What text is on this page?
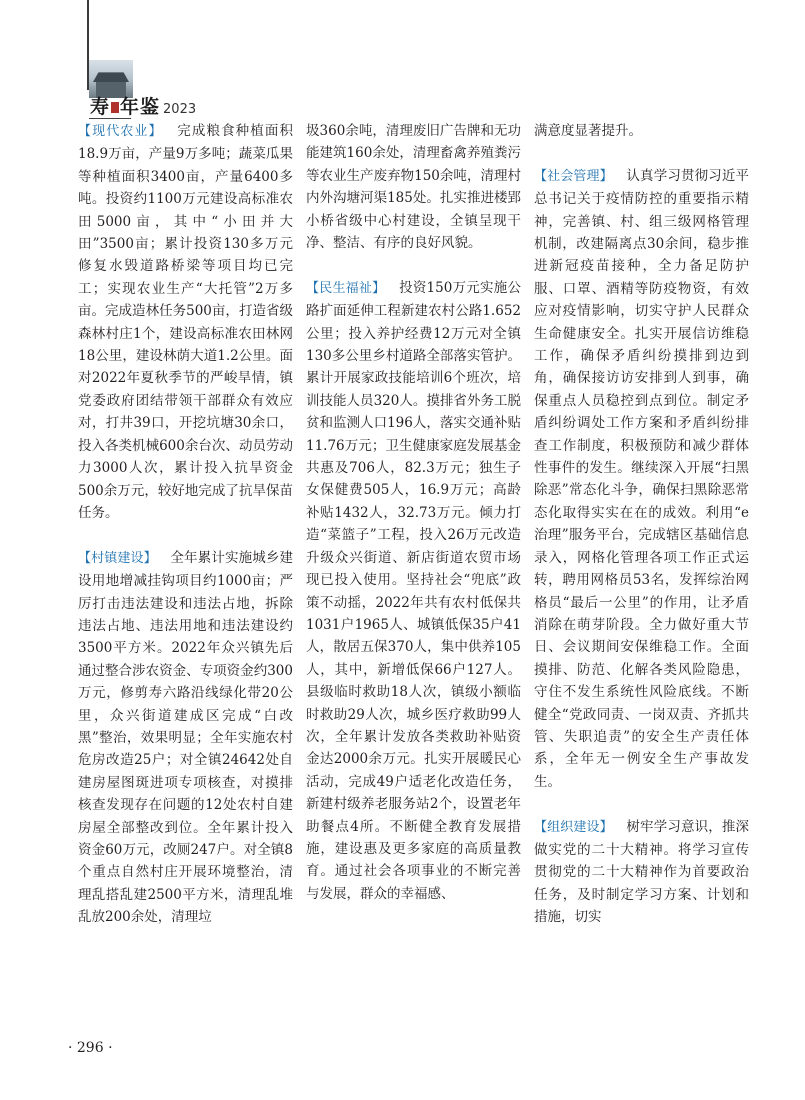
寿 年鉴 2023

【现代农业】  完成粮食种植面积18.9万亩，产量9万多吨；蔬菜瓜果等种植面积3400亩，产量6400多吨。投资约1100万元建设高标准农田5000亩，其中“小田并大田”3500亩；累计投资130多万元修复水毁道路桥梁等项目均已完工；实现农业生产“大托管”2万多亩。完成造林任务500亩，打造省级森林村庄1个，建设高标准农田林网18公里，建设林荫大道1.2公里。面对2022年夏秋季节的严峻旱情，镇党委政府团结带领干部群众有效应对，打井39口，开挖坑塘30余口，投入各类机械600余台次、动员劳动力3000人次，累计投入抗旱资金500余万元，较好地完成了抗旱保苗任务。

【村镇建设】  全年累计实施城乡建设用地增减挂钩项目约1000亩；严厉打击违法建设和违法占地，拆除违法占地、违法用地和违法建设约3500平方米。2022年众兴镇先后通过整合涉农资金、专项资金约300万元，修剪寿六路沿线绿化带20公里，众兴街道建成区完成“白改黑”整治，效果明显；全年实施农村危房改造25户；对全镇24642处自建房屋图斑进项专项核查，对摸排核查发现存在问题的12处农村自建房屋全部整改到位。全年累计投入资金60万元，改厕247户。对全镇8个重点自然村庄开展环境整治，清理乱搭乱建2500平方米，清理乱堆乱放200余处，清理垃

圾360余吨，清理废旧广告牌和无功能建筑160余处，清理畜禽养殖粪污等农业生产废弃物150余吨，清理村内外沟塘河渠185处。扎实推进楼郢小桥省级中心村建设，全镇呈现干净、整洁、有序的良好风貌。

【民生福祉】  投资150万元实施公路扩面延伸工程新建农村公路1.652公里；投入养护经费12万元对全镇130多公里乡村道路全部落实管护。累计开展家政技能培训6个班次，培训技能人员320人。摸排省外务工脱贫和监测人口196人，落实交通补贴11.76万元；卫生健康家庭发展基金共惠及706人，82.3万元；独生子女保健费505人，16.9万元；高龄补贴1432人，32.73万元。倾力打造“菜篮子”工程，投入26万元改造升级众兴街道、新店街道农贸市场现已投入使用。坚持社会“兜底”政策不动摇，2022年共有农村低保共1031户1965人、城镇低保35户41人，散居五保370人，集中供养105人，其中，新增低保66户127人。县级临时救助18人次，镇级小额临时救助29人次，城乡医疗救助99人次，全年累计发放各类救助补贴资金达2000余万元。扎实开展暖民心活动，完成49户适老化改造任务，新建村级养老服务站2个，设置老年助餐点4所。不断健全教育发展措施，建设惠及更多家庭的高质量教育。通过社会各项事业的不断完善与发展，群众的幸福感、

满意度显著提升。

【社会管理】  认真学习贯彻习近平总书记关于疫情防控的重要指示精神，完善镇、村、组三级网格管理机制，改建隔离点30余间，稳步推进新冠疫苗接种，全力备足防护服、口罩、酒精等防疫物资，有效应对疫情影响，切实守护人民群众生命健康安全。扎实开展信访维稳工作，确保矛盾纠纷摸排到边到角，确保接访访安排到人到事，确保重点人员稳控到点到位。制定矛盾纠纷调处工作方案和矛盾纠纷排查工作制度，积极预防和减少群体性事件的发生。继续深入开展“扫黑除恶”常态化斗争，确保扫黑除恶常态化取得实实在在的成效。利用“e治理”服务平台，完成辖区基础信息录入，网格化管理各项工作正式运转，聘用网格员53名，发挥综治网格员“最后一公里”的作用，让矛盾消除在萌芽阶段。全力做好重大节日、会议期间安保维稳工作。全面摸排、防范、化解各类风险隐患，守住不发生系统性风险底线。不断健全“党政同责、一岗双责、齐抓共管、失职追责”的安全生产责任体系，全年无一例安全生产事故发生。

【组织建设】  树牢学习意识，推深做实党的二十大精神。将学习宣传贯彻党的二十大精神作为首要政治任务，及时制定学习方案、计划和措施，切实

· 296 ·
